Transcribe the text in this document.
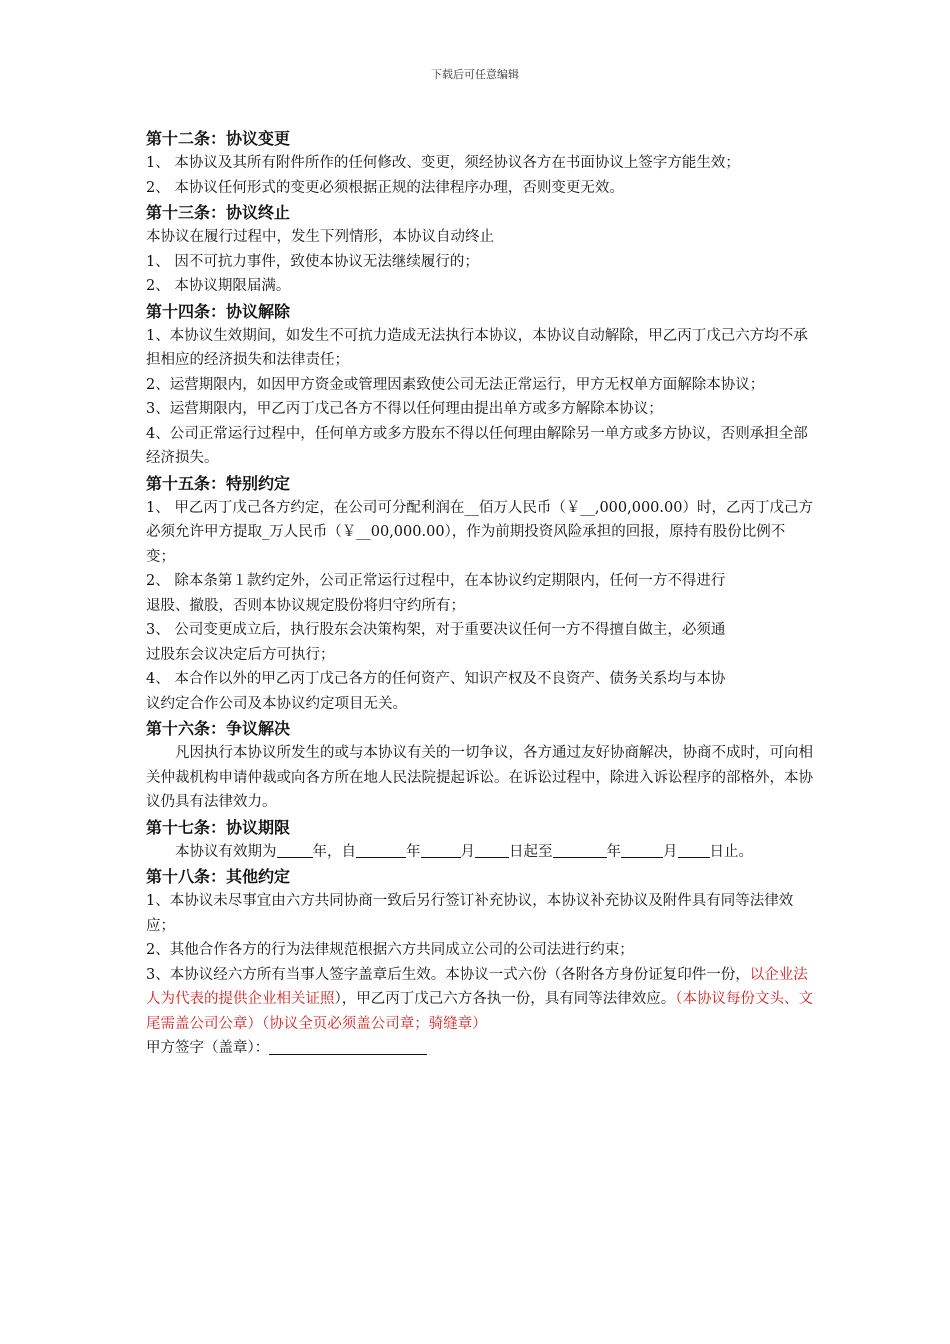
下载后可任意编辑

第十二条：协议变更

1、 本协议及其所有附件所作的任何修改、变更，须经协议各方在书面协议上签字方能生效；

2、 本协议任何形式的变更必须根据正规的法律程序办理，否则变更无效。

第十三条：协议终止

本协议在履行过程中，发生下列情形，本协议自动终止

1、 因不可抗力事件，致使本协议无法继续履行的；

2、 本协议期限届满。

第十四条：协议解除

1、本协议生效期间，如发生不可抗力造成无法执行本协议，本协议自动解除，甲乙丙丁戊己六方均不承担相应的经济损失和法律责任；

2、运营期限内，如因甲方资金或管理因素致使公司无法正常运行，甲方无权单方面解除本协议；

3、运营期限内，甲乙丙丁戊己各方不得以任何理由提出单方或多方解除本协议；

4、公司正常运行过程中，任何单方或多方股东不得以任何理由解除另一单方或多方协议，否则承担全部经济损失。

第十五条：特别约定

1、 甲乙丙丁戊己各方约定，在公司可分配利润在__佰万人民币（￥__,000,000.00）时，乙丙丁戊己方必须允许甲方提取_万人民币（￥__00,000.00），作为前期投资风险承担的回报，原持有股份比例不变；

2、 除本条第１款约定外，公司正常运行过程中，在本协议约定期限内，任何一方不得进行

退股、撤股，否则本协议规定股份将归守约所有；

3、 公司变更成立后，执行股东会决策构架，对于重要决议任何一方不得擅自做主，必须通

过股东会议决定后方可执行；

4、 本合作以外的甲乙丙丁戊己各方的任何资产、知识产权及不良资产、债务关系均与本协

议约定合作公司及本协议约定项目无关。

第十六条：争议解决

凡因执行本协议所发生的或与本协议有关的一切争议，各方通过友好协商解决，协商不成时，可向相关仲裁机构申请仲裁或向各方所在地人民法院提起诉讼。在诉讼过程中，除进入诉讼程序的部格外，本协议仍具有法律效力。

第十七条：协议期限

本协议有效期为 年，自	年	月 日起至	年	月 日止。

第十八条：其他约定

1、本协议未尽事宜由六方共同协商一致后另行签订补充协议，本协议补充协议及附件具有同等法律效应；

2、其他合作各方的行为法律规范根据六方共同成立公司的公司法进行约束；

3、本协议经六方所有当事人签字盖章后生效。本协议一式六份（各附各方身份证复印件一份，以企业法人为代表的提供企业相关证照），甲乙丙丁戊己六方各执一份，具有同等法律效应。（本协议每份文头、文尾需盖公司公章）（协议全页必须盖公司章；骑缝章）

甲方签字（盖章）：
